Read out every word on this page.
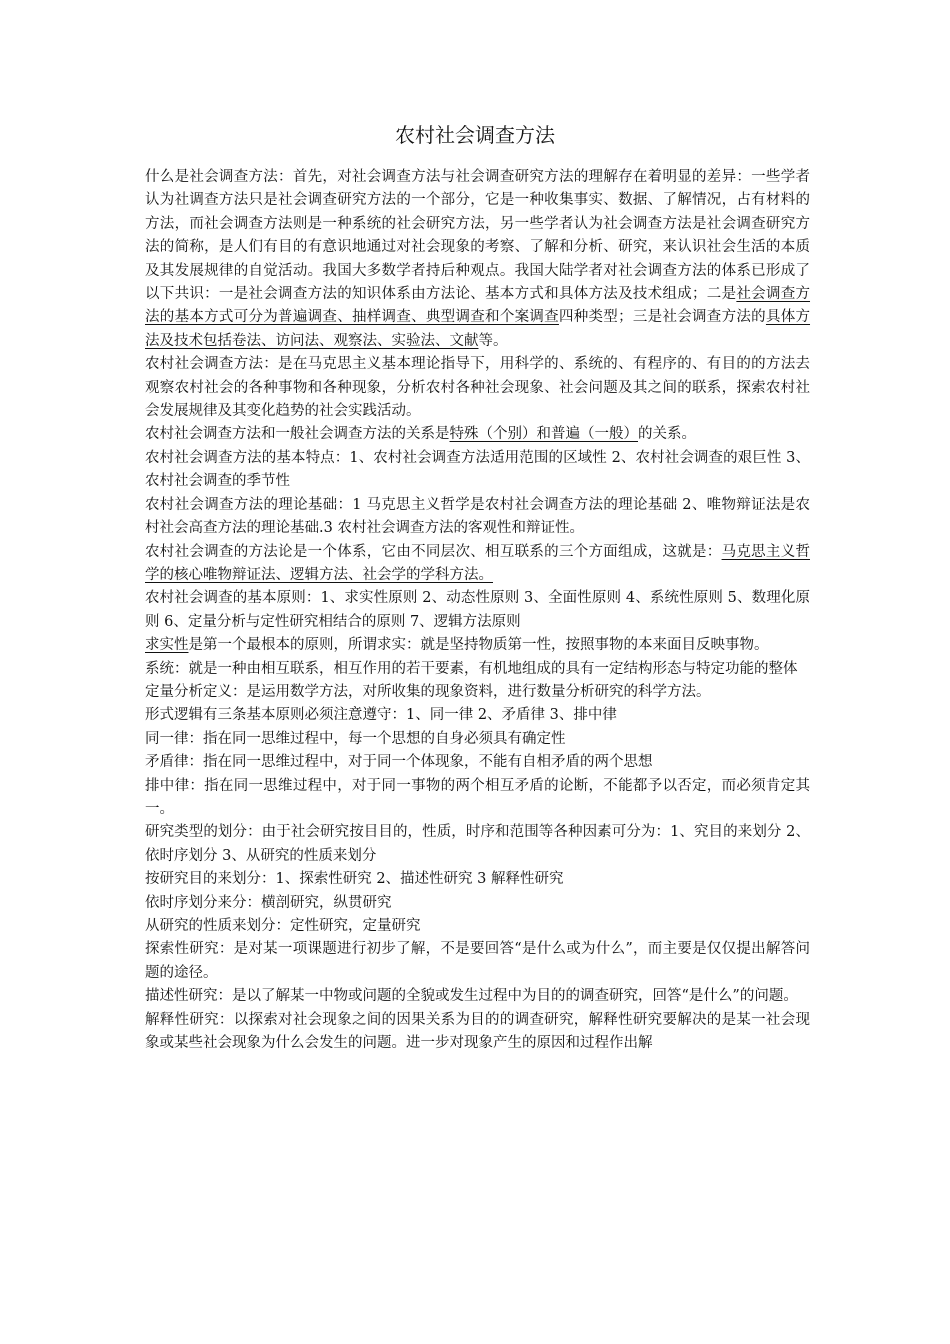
农村社会调查方法

什么是社会调查方法：首先，对社会调查方法与社会调查研究方法的理解存在着明显的差异：一些学者认为社调查方法只是社会调查研究方法的一个部分，它是一种收集事实、数据、了解情况，占有材料的方法，而社会调查方法则是一种系统的社会研究方法，另一些学者认为社会调查方法是社会调查研究方法的简称，是人们有目的有意识地通过对社会现象的考察、了解和分析、研究，来认识社会生活的本质及其发展规律的自觉活动。我国大多数学者持后种观点。我国大陆学者对社会调查方法的体系已形成了以下共识：一是社会调查方法的知识体系由方法论、基本方式和具体方法及技术组成；二是社会调查方法的基本方式可分为普遍调查、抽样调查、典型调查和个案调查四种类型；三是社会调查方法的具体方法及技术包括卷法、访问法、观察法、实验法、文献等。

农村社会调查方法：是在马克思主义基本理论指导下，用科学的、系统的、有程序的、有目的的方法去观察农村社会的各种事物和各种现象，分析农村各种社会现象、社会问题及其之间的联系，探索农村社会发展规律及其变化趋势的社会实践活动。

农村社会调查方法和一般社会调查方法的关系是特殊（个别）和普遍（一般）的关系。

农村社会调查方法的基本特点：1、农村社会调查方法适用范围的区域性 2、农村社会调查的艰巨性 3、农村社会调查的季节性

农村社会调查方法的理论基础：1 马克思主义哲学是农村社会调查方法的理论基础 2、唯物辩证法是农村社会高查方法的理论基础.3 农村社会调查方法的客观性和辩证性。

农村社会调查的方法论是一个体系，它由不同层次、相互联系的三个方面组成，这就是：马克思主义哲学的核心唯物辩证法、逻辑方法、社会学的学科方法。

农村社会调查的基本原则：1、求实性原则 2、动态性原则 3、全面性原则 4、系统性原则 5、数理化原则 6、定量分析与定性研究相结合的原则 7、逻辑方法原则

求实性是第一个最根本的原则，所谓求实：就是坚持物质第一性，按照事物的本来面目反映事物。

系统：就是一种由相互联系，相互作用的若干要素，有机地组成的具有一定结构形态与特定功能的整体

定量分析定义：是运用数学方法，对所收集的现象资料，进行数量分析研究的科学方法。

形式逻辑有三条基本原则必须注意遵守：1、同一律 2、矛盾律 3、排中律

同一律：指在同一思维过程中，每一个思想的自身必须具有确定性

矛盾律：指在同一思维过程中，对于同一个体现象，不能有自相矛盾的两个思想

排中律：指在同一思维过程中，对于同一事物的两个相互矛盾的论断，不能都予以否定，而必须肯定其一。

研究类型的划分：由于社会研究按目目的，性质，时序和范围等各种因素可分为：1、究目的来划分 2、依时序划分 3、从研究的性质来划分

按研究目的来划分：1、探索性研究 2、描述性研究 3 解释性研究

依时序划分来分：横剖研究，纵贯研究

从研究的性质来划分：定性研究，定量研究

探索性研究：是对某一项课题进行初步了解，不是要回答“是什么或为什么”，而主要是仅仅提出解答问题的途径。

描述性研究：是以了解某一中物或问题的全貌或发生过程中为目的的调查研究，回答“是什么”的问题。

解释性研究：以探索对社会现象之间的因果关系为目的的调查研究，解释性研究要解决的是某一社会现象或某些社会现象为什么会发生的问题。进一步对现象产生的原因和过程作出解
